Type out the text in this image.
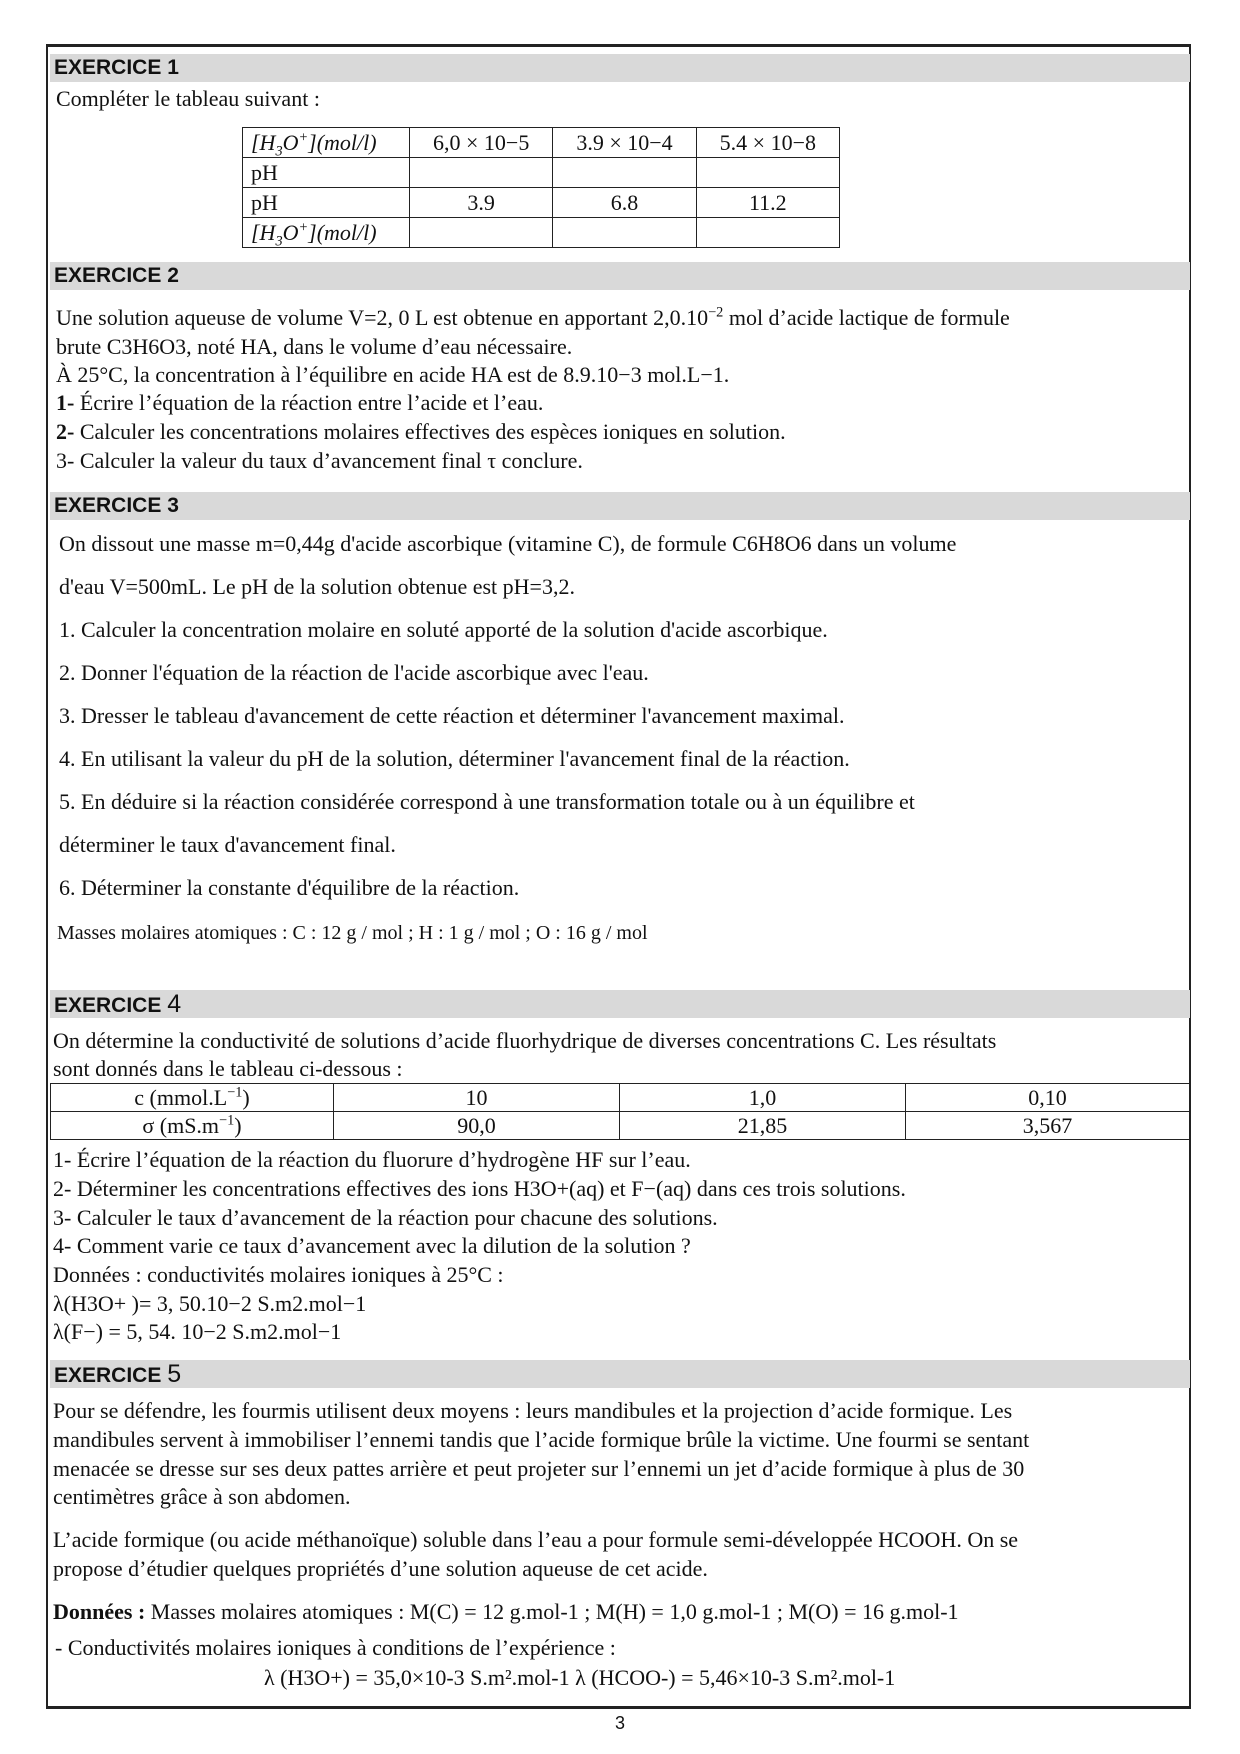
EXERCICE 1
Compléter le tableau suivant :
$[H_3O^+](mol/l)$	6,0 × 10−5	3.9 × 10−4	5.4 × 10−8
pH			
pH	3.9	6.8	11.2
$[H_3O^+](mol/l)$			
EXERCICE 2
Une solution aqueuse de volume V=2, 0 L est obtenue en apportant $2,0.10^{-2}$ mol d’acide lactique de formule
brute C3H6O3, noté HA, dans le volume d’eau nécessaire.
À 25°C, la concentration à l’équilibre en acide HA est de 8.9.10−3 mol.L−1.
1- Écrire l’équation de la réaction entre l’acide et l’eau.
2- Calculer les concentrations molaires effectives des espèces ioniques en solution.
3- Calculer la valeur du taux d’avancement final τ conclure.
EXERCICE 3
On dissout une masse m=0,44g d'acide ascorbique (vitamine C), de formule C6H8O6 dans un volume
d'eau V=500mL. Le pH de la solution obtenue est pH=3,2.
1. Calculer la concentration molaire en soluté apporté de la solution d'acide ascorbique.
2. Donner l'équation de la réaction de l'acide ascorbique avec l'eau.
3. Dresser le tableau d'avancement de cette réaction et déterminer l'avancement maximal.
4. En utilisant la valeur du pH de la solution, déterminer l'avancement final de la réaction.
5. En déduire si la réaction considérée correspond à une transformation totale ou à un équilibre et
déterminer le taux d'avancement final.
6. Déterminer la constante d'équilibre de la réaction.
Masses molaires atomiques : C : 12 g / mol ; H : 1 g / mol ; O : 16 g / mol
EXERCICE 4
On détermine la conductivité de solutions d’acide fluorhydrique de diverses concentrations C. Les résultats
sont donnés dans le tableau ci-dessous :
c $(mmol.L^{-1})$	10	1,0	0,10
σ $(mS.m^{-1})$	90,0	21,85	3,567
1- Écrire l’équation de la réaction du fluorure d’hydrogène HF sur l’eau.
2- Déterminer les concentrations effectives des ions H3O+(aq) et F−(aq) dans ces trois solutions.
3- Calculer le taux d’avancement de la réaction pour chacune des solutions.
4- Comment varie ce taux d’avancement avec la dilution de la solution ?
Données : conductivités molaires ioniques à 25°C :
λ(H3O+ )= 3, 50.10−2 S.m2.mol−1
λ(F−) = 5, 54. 10−2 S.m2.mol−1
EXERCICE 5
Pour se défendre, les fourmis utilisent deux moyens : leurs mandibules et la projection d’acide formique. Les
mandibules servent à immobiliser l’ennemi tandis que l’acide formique brûle la victime. Une fourmi se sentant
menacée se dresse sur ses deux pattes arrière et peut projeter sur l’ennemi un jet d’acide formique à plus de 30
centimètres grâce à son abdomen.
L’acide formique (ou acide méthanoïque) soluble dans l’eau a pour formule semi-développée HCOOH. On se
propose d’étudier quelques propriétés d’une solution aqueuse de cet acide.
Données : Masses molaires atomiques : M(C) = 12 g.mol-1 ; M(H) = 1,0 g.mol-1 ; M(O) = 16 g.mol-1
- Conductivités molaires ioniques à conditions de l’expérience :
λ (H3O+) = 35,0×10-3 S.m².mol-1 λ (HCOO-) = 5,46×10-3 S.m².mol-1
3
